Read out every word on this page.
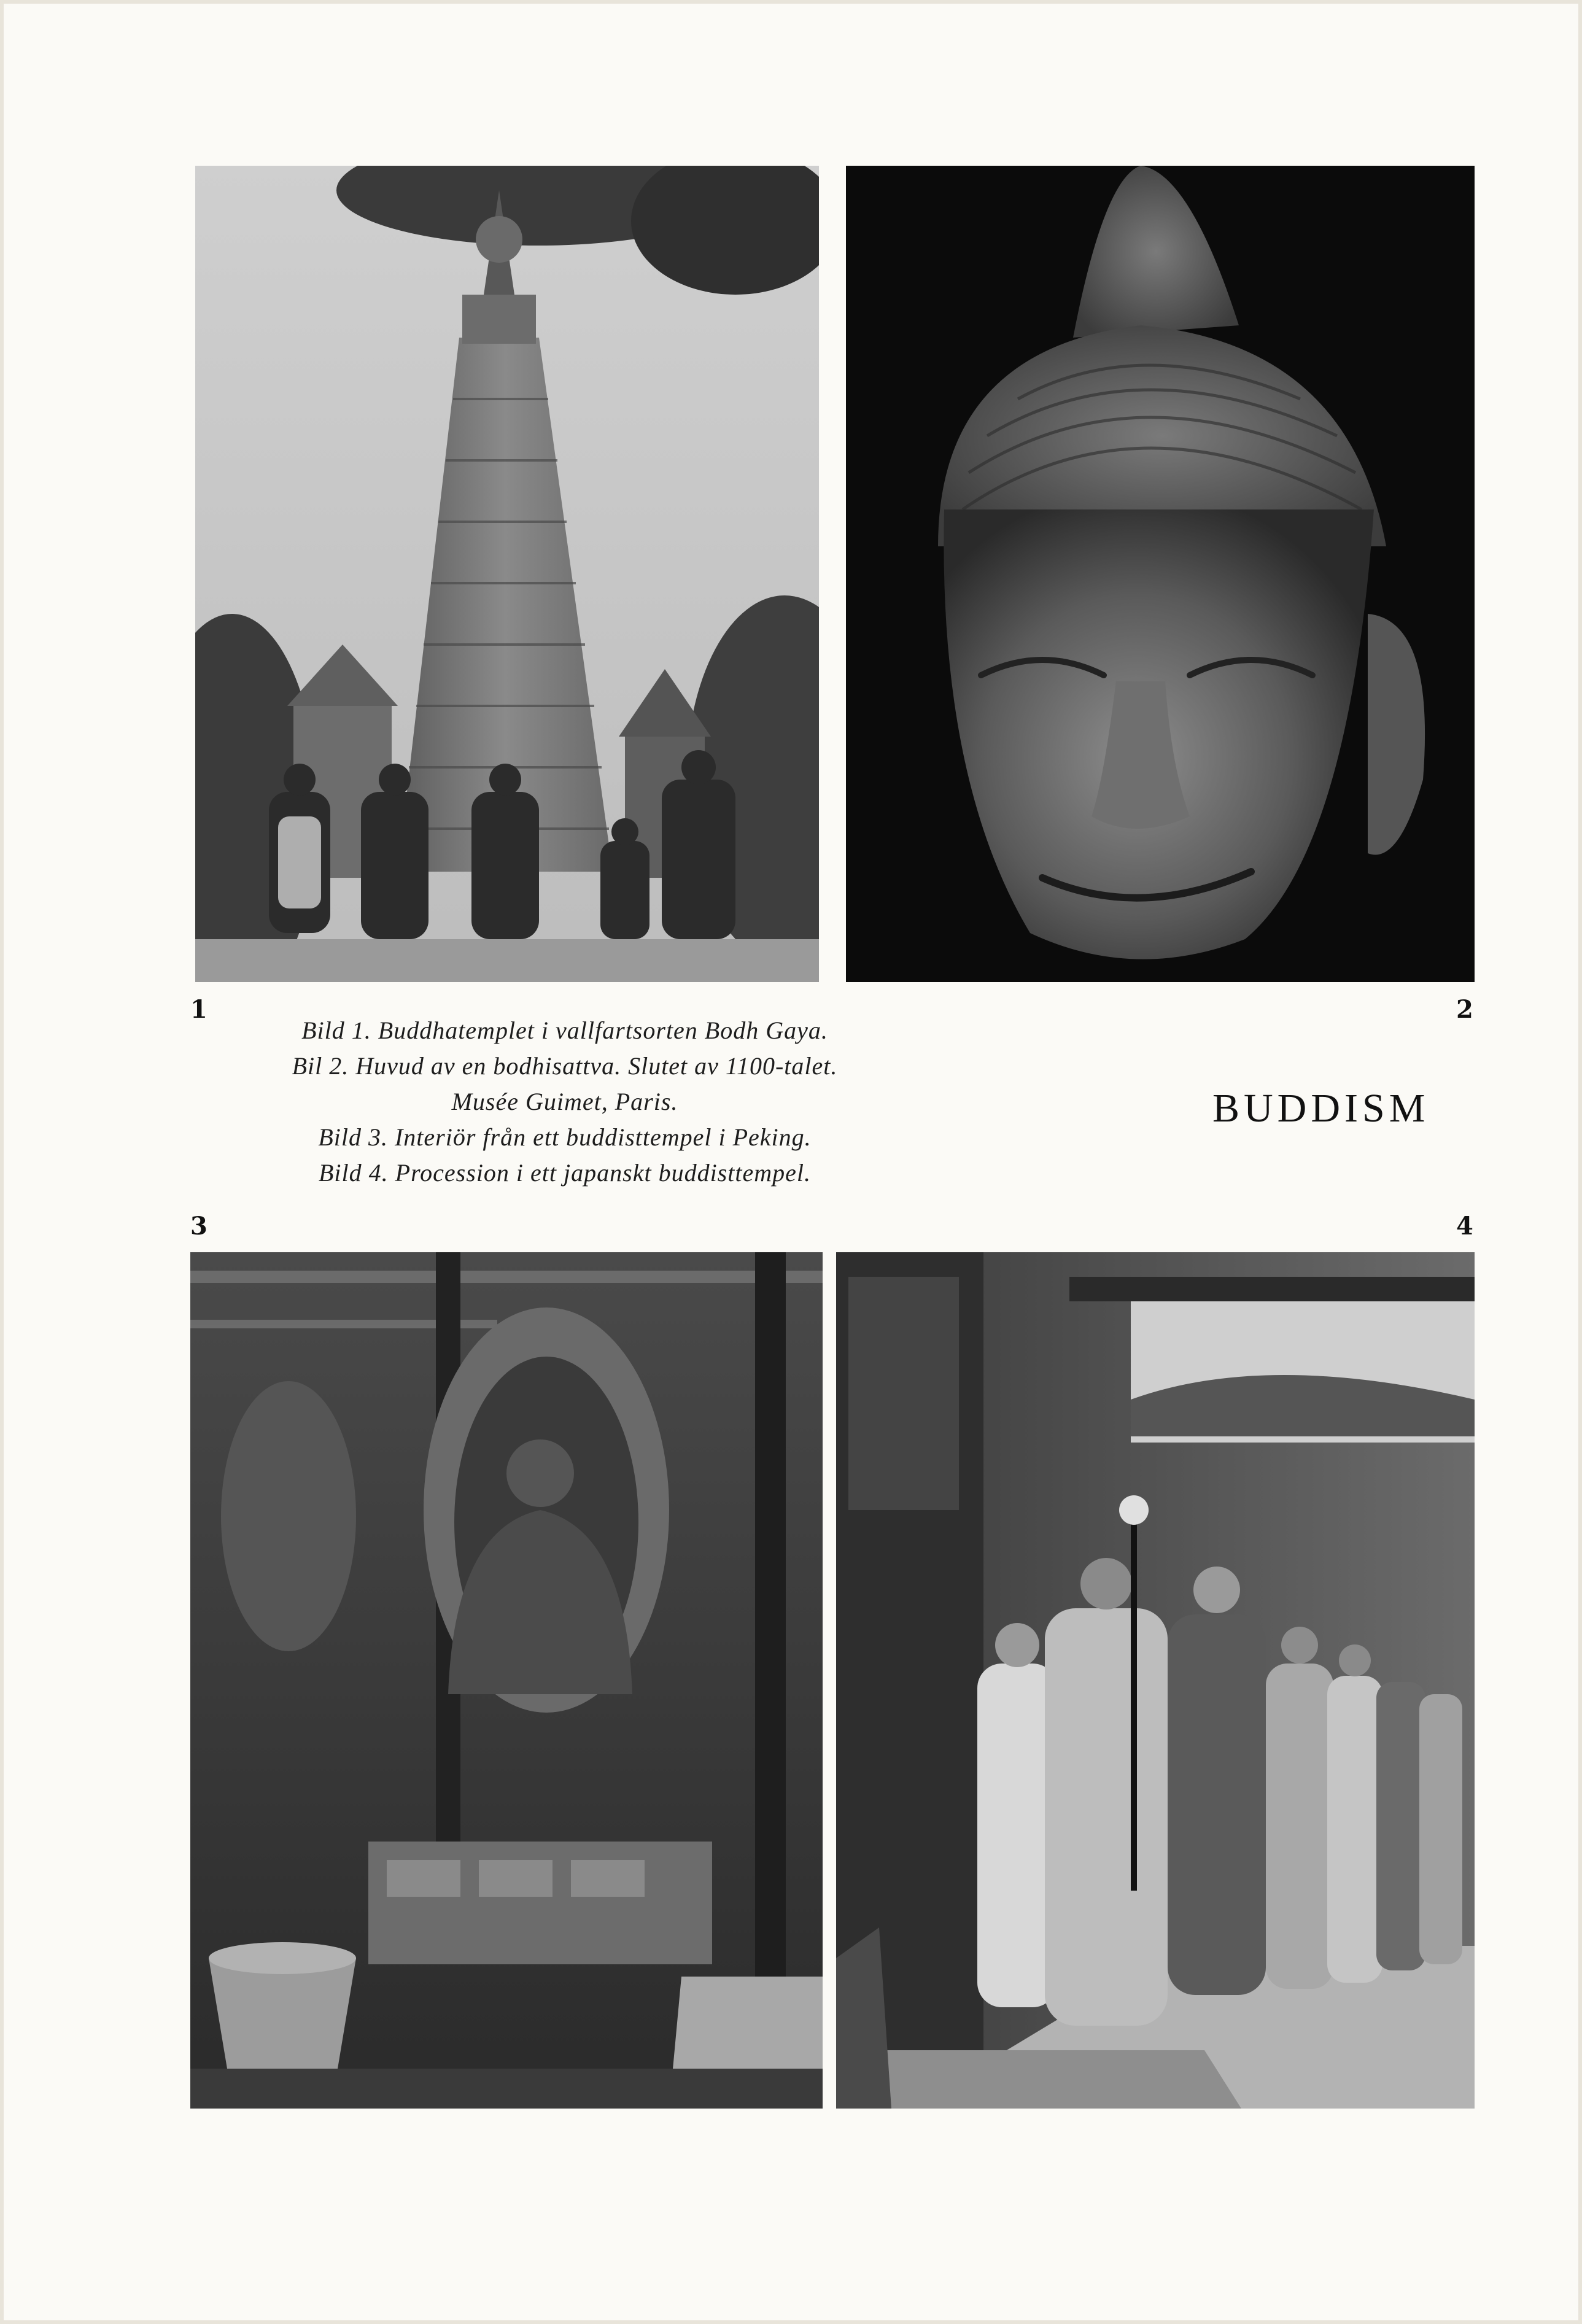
1	2
3	4
Bild 1. Buddhatemplet i vallfartsorten Bodh Gaya.
Bil 2. Huvud av en bodhisattva. Slutet av 1100-talet.
Musée Guimet, Paris.
Bild 3. Interiör från ett buddisttempel i Peking.
Bild 4. Procession i ett japanskt buddisttempel.
BUDDISM
